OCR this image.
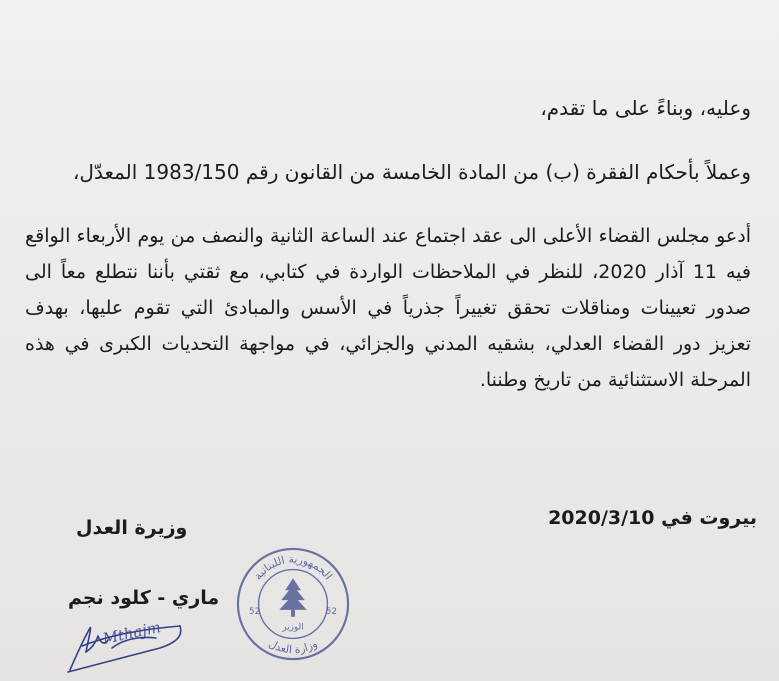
وعليه، وبناءً على ما تقدم،
وعملاً بأحكام الفقرة (ب) من المادة الخامسة من القانون رقم 1983/150 المعدّل،
أدعو مجلس القضاء الأعلى الى عقد اجتماع عند الساعة الثانية والنصف من يوم الأربعاء الواقع
فيه 11 آذار 2020، للنظر في الملاحظات الواردة في كتابي، مع ثقتي بأننا نتطلع معاً الى
صدور تعيينات ومناقلات تحقق تغييراً جذرياً في الأسس والمبادئ التي تقوم عليها، بهدف
تعزيز دور القضاء العدلي، بشقيه المدني والجزائي، في مواجهة التحديات الكبرى في هذه
المرحلة الاستثنائية من تاريخ وطننا.
بيروت في 2020/3/10
وزيرة العدل
ماري - كلود نجم
الجمهورية اللبنانية
وزارة العدل
الوزير
52	52
Mthajm
